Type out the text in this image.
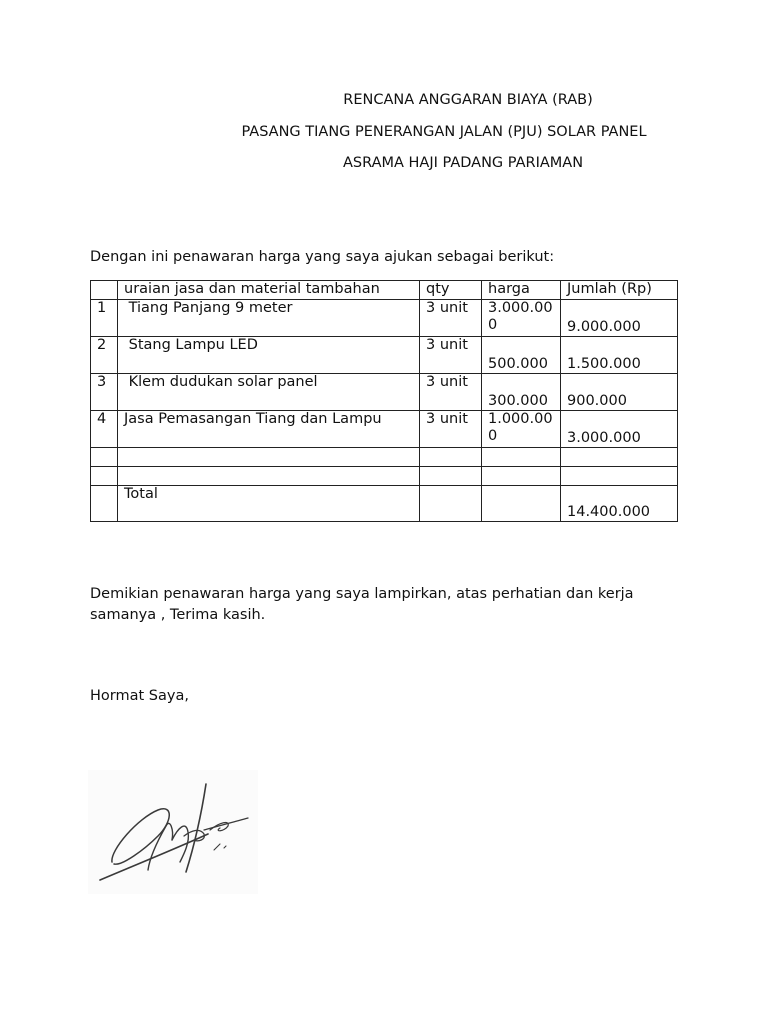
RENCANA ANGGARAN BIAYA (RAB)
PASANG TIANG PENERANGAN JALAN (PJU) SOLAR PANEL
ASRAMA HAJI PADANG PARIAMAN
Dengan ini penawaran harga yang saya ajukan sebagai berikut:
	uraian jasa dan material tambahan	qty	harga	Jumlah (Rp)
1	Tiang Panjang 9 meter	3 unit	3.000.000	9.000.000
2	Stang Lampu LED	3 unit	500.000	1.500.000
3	Klem dudukan solar panel	3 unit	300.000	900.000
4	Jasa Pemasangan Tiang dan Lampu	3 unit	1.000.000	3.000.000

	Total			14.400.000
Demikian penawaran harga yang saya lampirkan, atas perhatian dan kerja samanya , Terima kasih.
Hormat Saya,
